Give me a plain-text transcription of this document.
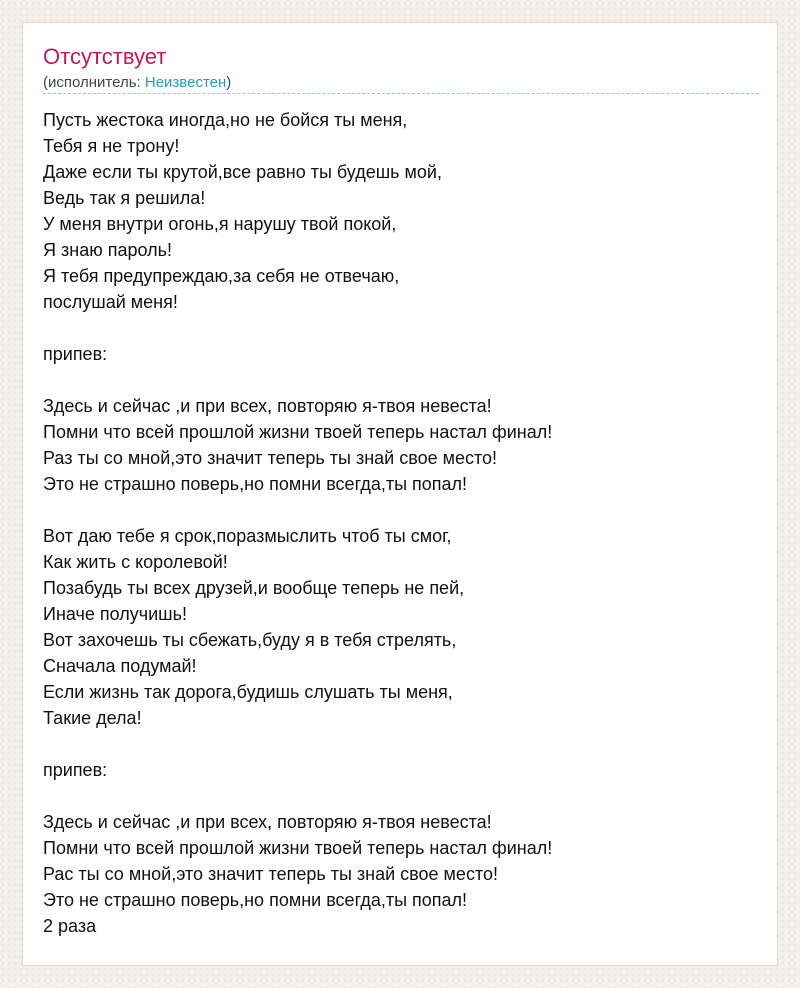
Отсутствует
(исполнитель: Неизвестен)
Пусть жестока иногда,но не бойся ты меня,
Тебя я не трону!
Даже если ты крутой,все равно ты будешь мой,
Ведь так я решила!
У меня внутри огонь,я нарушу твой покой,
Я знаю пароль!
Я тебя предупреждаю,за себя не отвечаю,
послушай меня!
припев:
Здесь и сейчас ,и при всех, повторяю я-твоя невеста!
Помни что всей прошлой жизни твоей теперь настал финал!
Раз ты со мной,это значит теперь ты знай свое место!
Это не страшно поверь,но помни всегда,ты попал!
Вот даю тебе я срок,поразмыслить чтоб ты смог,
Как жить с королевой!
Позабудь ты всех друзей,и вообще теперь не пей,
Иначе получишь!
Вот захочешь ты сбежать,буду я в тебя стрелять,
Сначала подумай!
Если жизнь так дорога,будишь слушать ты меня,
Такие дела!
припев:
Здесь и сейчас ,и при всех, повторяю я-твоя невеста!
Помни что всей прошлой жизни твоей теперь настал финал!
Рас ты со мной,это значит теперь ты знай свое место!
Это не страшно поверь,но помни всегда,ты попал!
2 раза
